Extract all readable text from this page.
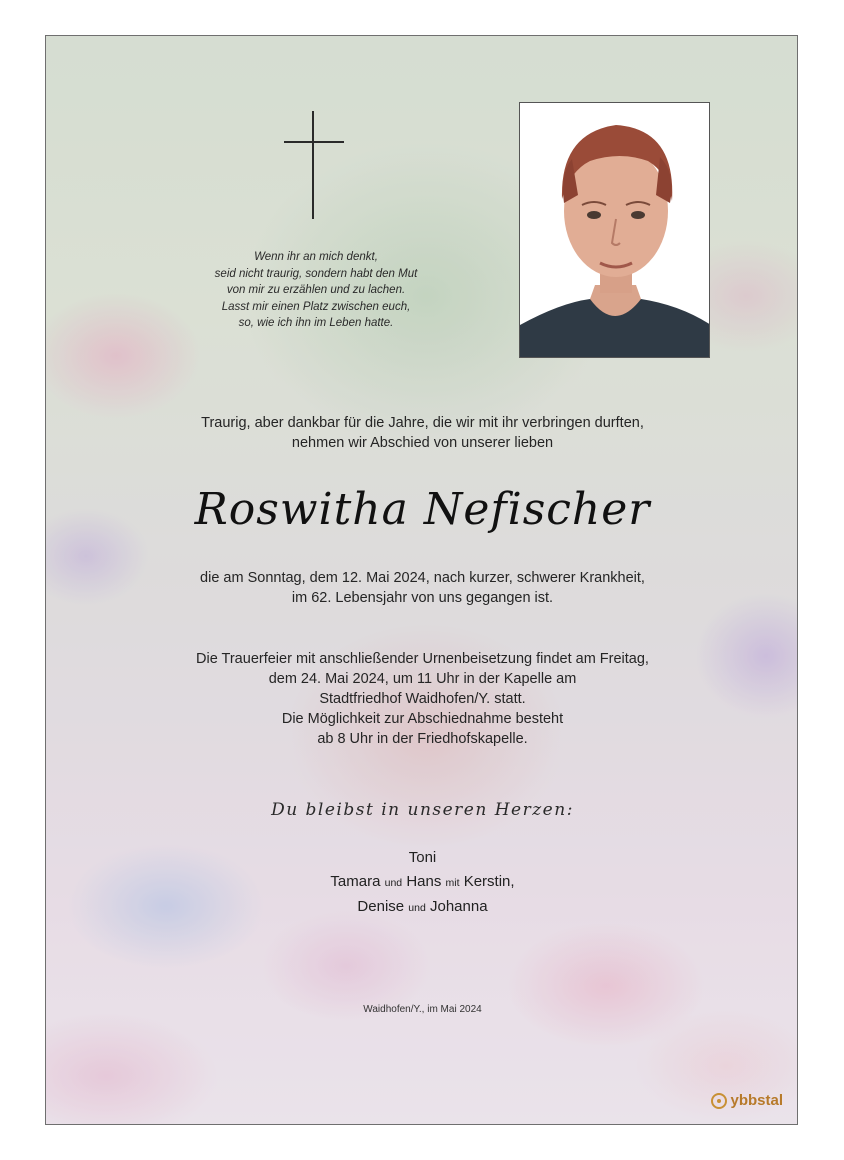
Wenn ihr an mich denkt,
seid nicht traurig, sondern habt den Mut
von mir zu erzählen und zu lachen.
Lasst mir einen Platz zwischen euch,
so, wie ich ihn im Leben hatte.
Traurig, aber dankbar für die Jahre, die wir mit ihr verbringen durften,
nehmen wir Abschied von unserer lieben
Roswitha Nefischer
die am Sonntag, dem 12. Mai 2024, nach kurzer, schwerer Krankheit,
im 62. Lebensjahr von uns gegangen ist.
Die Trauerfeier mit anschließender Urnenbeisetzung findet am Freitag,
dem 24. Mai 2024, um 11 Uhr in der Kapelle am
Stadtfriedhof Waidhofen/Y. statt.
Die Möglichkeit zur Abschiednahme besteht
ab 8 Uhr in der Friedhofskapelle.
Du bleibst in unseren Herzen:
Toni
Tamara und Hans mit Kerstin,
Denise und Johanna
Waidhofen/Y., im Mai 2024
ybbstal
